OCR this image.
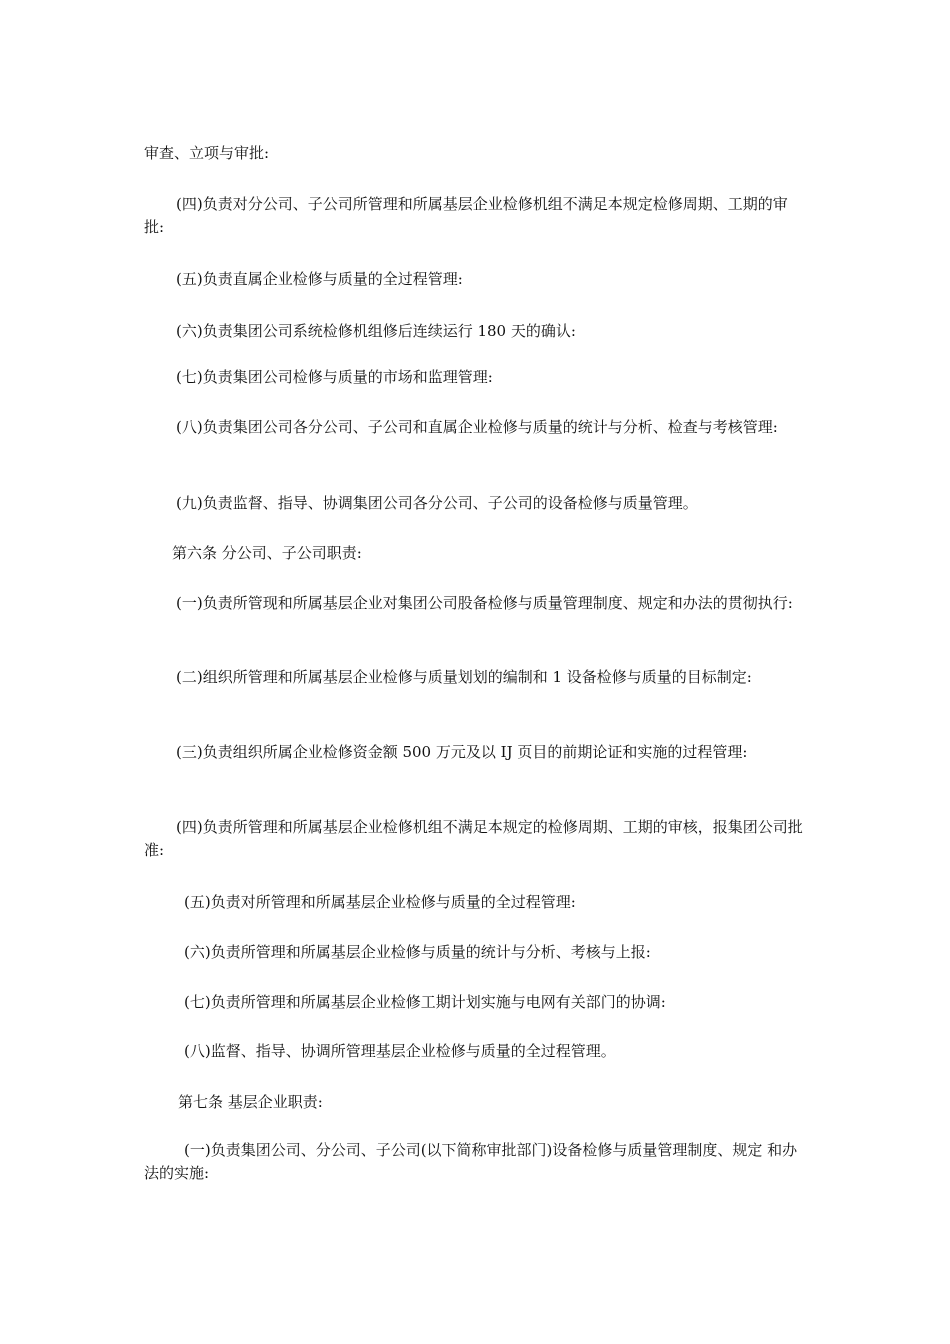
审查、立项与审批:

(四)负责对分公司、子公司所管理和所属基层企业检修机组不满足本规定检修周期、工期的审批:

(五)负责直属企业检修与质量的全过程管理:

(六)负责集团公司系统检修机组修后连续运行 180 天的确认:

(七)负责集团公司检修与质量的市场和监理管理:

(八)负责集团公司各分公司、子公司和直属企业检修与质量的统计与分析、检查与考核管理:

(九)负责监督、指导、协调集团公司各分公司、子公司的设备检修与质量管理。

第六条 分公司、子公司职责:

(一)负责所管现和所属基层企业对集团公司股备检修与质量管理制度、规定和办法的贯彻执行:

(二)组织所管理和所属基层企业检修与质量划划的编制和 1 设备检修与质量的目标制定:

(三)负责组织所属企业检修资金额 500 万元及以 IJ 页目的前期论证和实施的过程管理:

(四)负责所管理和所属基层企业检修机组不满足本规定的检修周期、工期的审核，报集团公司批准:

(五)负责对所管理和所属基层企业检修与质量的全过程管理:

(六)负责所管理和所属基层企业检修与质量的统计与分析、考核与上报:

(七)负责所管理和所属基层企业检修工期计划实施与电网有关部门的协调:

(八)监督、指导、协调所管理基层企业检修与质量的全过程管理。

第七条 基层企业职责:

(一)负责集团公司、分公司、子公司(以下简称审批部门)设备检修与质量管理制度、规定 和办法的实施:
